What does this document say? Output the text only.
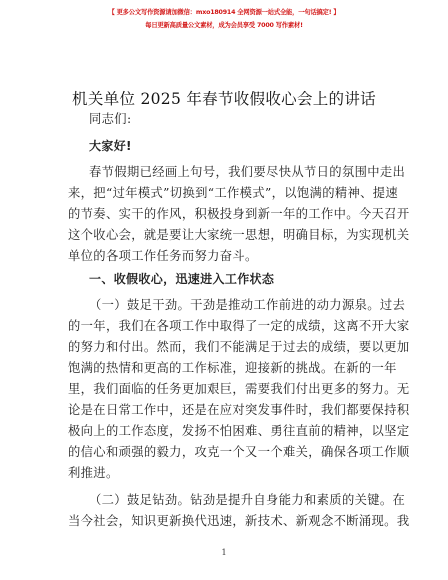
【 更多公文写作资源请加微信：mxo180914 全网资源一站式全能，一句话搞定! 】
每日更新高质量公文素材，成为会员享受 7000 写作素材!
机关单位 2025 年春节收假收心会上的讲话
同志们:
大家好!
春节假期已经画上句号，我们要尽快从节日的氛围中走出
来，把“过年模式”切换到“工作模式”，以饱满的精神、提速
的节奏、实干的作风，积极投身到新一年的工作中。今天召开
这个收心会，就是要让大家统一思想，明确目标，为实现机关
单位的各项工作任务而努力奋斗。
一、收假收心，迅速进入工作状态
（一）鼓足干劲。干劲是推动工作前进的动力源泉。过去
的一年，我们在各项工作中取得了一定的成绩，这离不开大家
的努力和付出。然而，我们不能满足于过去的成绩，要以更加
饱满的热情和更高的工作标准，迎接新的挑战。在新的一年
里，我们面临的任务更加艰巨，需要我们付出更多的努力。无
论是在日常工作中，还是在应对突发事件时，我们都要保持积
极向上的工作态度，发扬不怕困难、勇往直前的精神，以坚定
的信心和顽强的毅力，攻克一个又一个难关，确保各项工作顺
利推进。
（二）鼓足钻劲。钻劲是提升自身能力和素质的关键。在
当今社会，知识更新换代迅速，新技术、新观念不断涌现。我
1
